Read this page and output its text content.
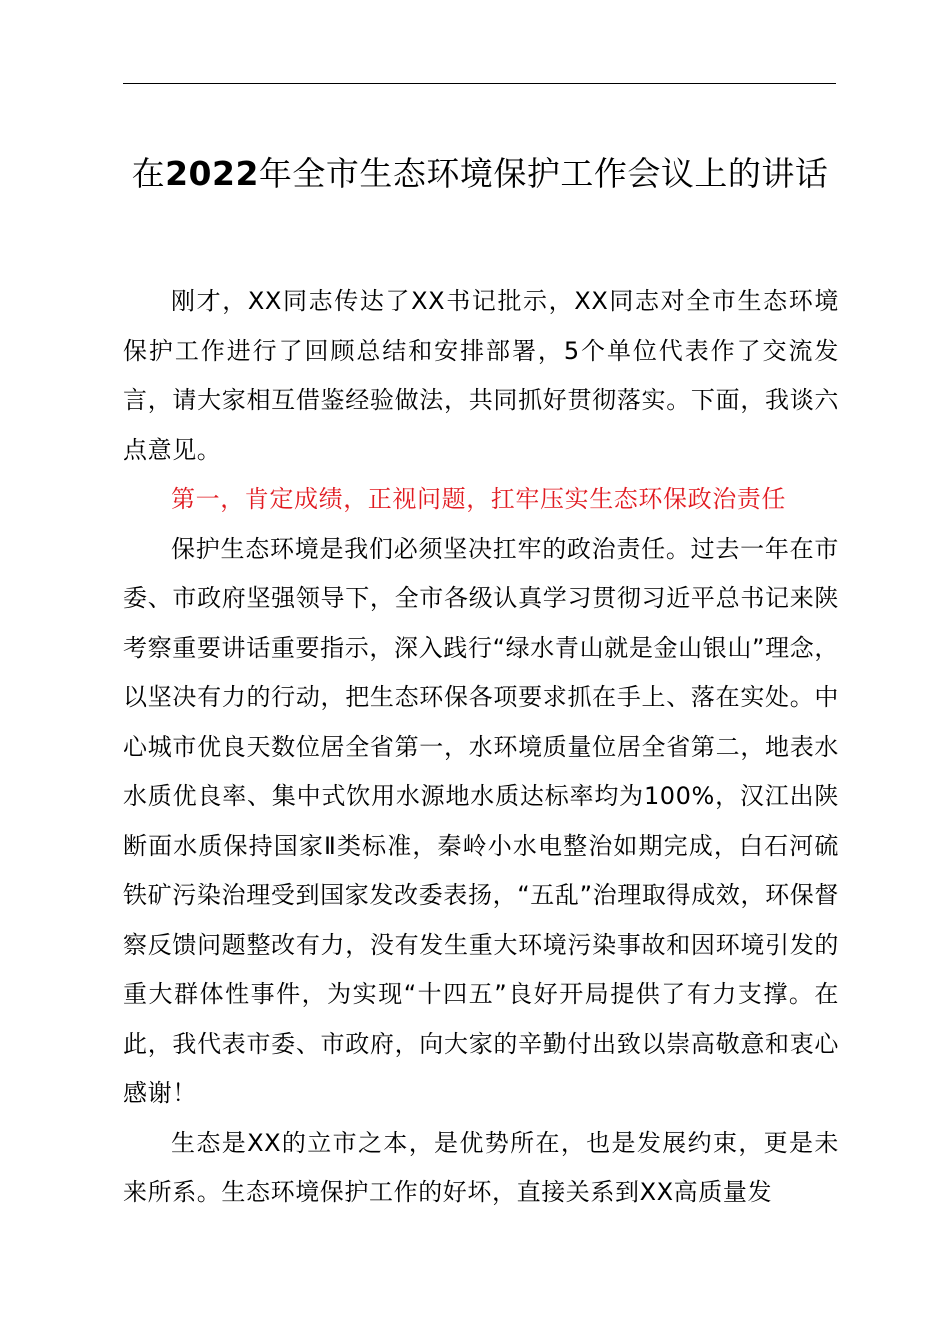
在2022年全市生态环境保护工作会议上的讲话

刚才，XX同志传达了XX书记批示，XX同志对全市生态环境保护工作进行了回顾总结和安排部署，5个单位代表作了交流发言，请大家相互借鉴经验做法，共同抓好贯彻落实。下面，我谈六点意见。

第一，肯定成绩，正视问题，扛牢压实生态环保政治责任

保护生态环境是我们必须坚决扛牢的政治责任。过去一年在市委、市政府坚强领导下，全市各级认真学习贯彻习近平总书记来陕考察重要讲话重要指示，深入践行“绿水青山就是金山银山”理念，以坚决有力的行动，把生态环保各项要求抓在手上、落在实处。中心城市优良天数位居全省第一，水环境质量位居全省第二，地表水水质优良率、集中式饮用水源地水质达标率均为100%，汉江出陕断面水质保持国家Ⅱ类标准，秦岭小水电整治如期完成，白石河硫铁矿污染治理受到国家发改委表扬，“五乱”治理取得成效，环保督察反馈问题整改有力，没有发生重大环境污染事故和因环境引发的重大群体性事件，为实现“十四五”良好开局提供了有力支撑。在此，我代表市委、市政府，向大家的辛勤付出致以崇高敬意和衷心感谢！

生态是XX的立市之本，是优势所在，也是发展约束，更是未来所系。生态环境保护工作的好坏，直接关系到XX高质量发
